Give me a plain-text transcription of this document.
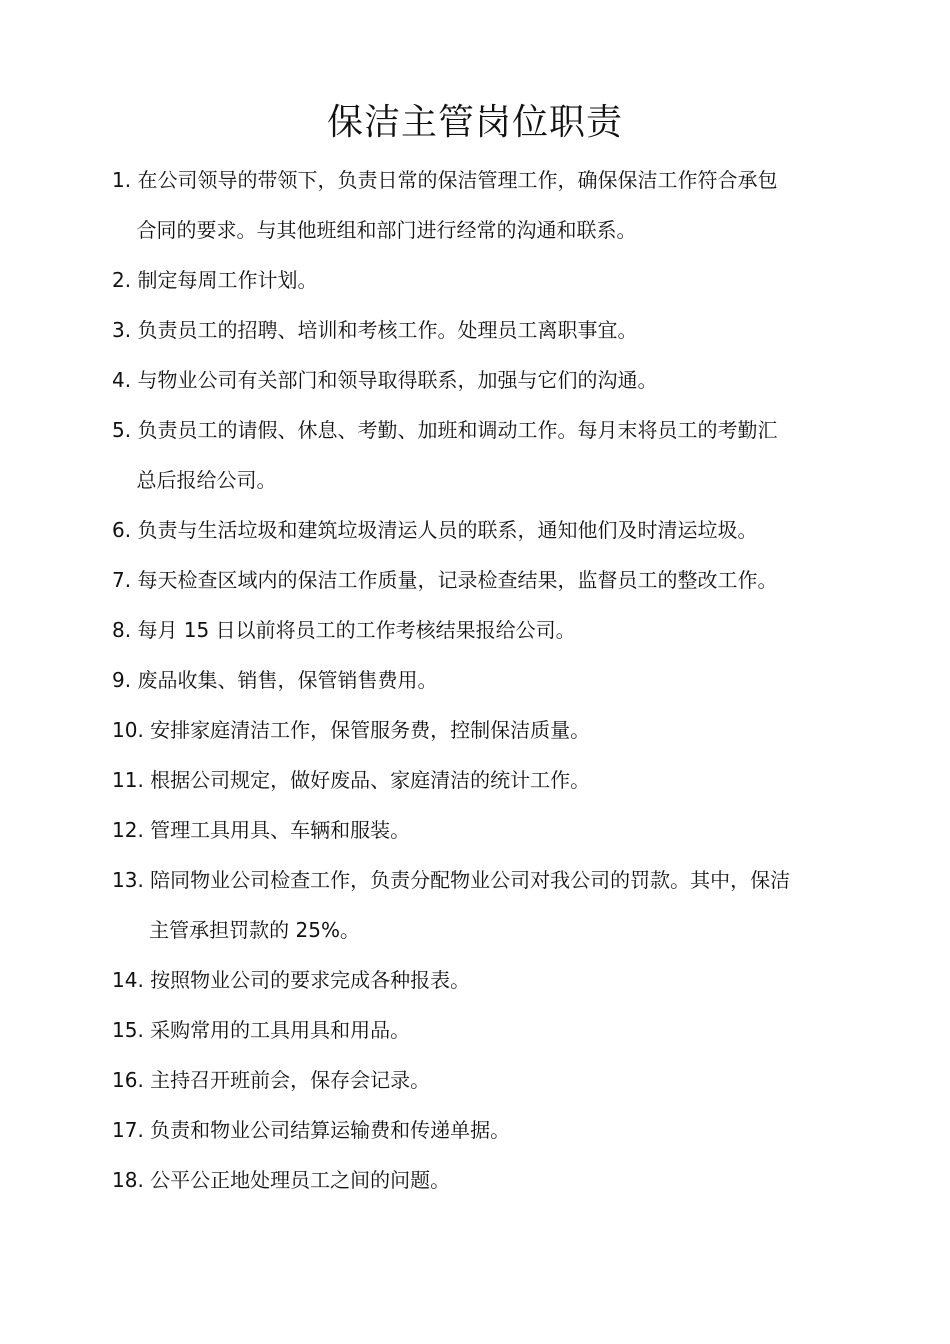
保洁主管岗位职责
1. 在公司领导的带领下，负责日常的保洁管理工作，确保保洁工作符合承包
合同的要求。与其他班组和部门进行经常的沟通和联系。
2. 制定每周工作计划。
3. 负责员工的招聘、培训和考核工作。处理员工离职事宜。
4. 与物业公司有关部门和领导取得联系，加强与它们的沟通。
5. 负责员工的请假、休息、考勤、加班和调动工作。每月末将员工的考勤汇
总后报给公司。
6. 负责与生活垃圾和建筑垃圾清运人员的联系，通知他们及时清运垃圾。
7. 每天检查区域内的保洁工作质量，记录检查结果，监督员工的整改工作。
8. 每月 15 日以前将员工的工作考核结果报给公司。
9. 废品收集、销售，保管销售费用。
10. 安排家庭清洁工作，保管服务费，控制保洁质量。
11. 根据公司规定，做好废品、家庭清洁的统计工作。
12. 管理工具用具、车辆和服装。
13. 陪同物业公司检查工作，负责分配物业公司对我公司的罚款。其中，保洁
主管承担罚款的 25%。
14. 按照物业公司的要求完成各种报表。
15. 采购常用的工具用具和用品。
16. 主持召开班前会，保存会记录。
17. 负责和物业公司结算运输费和传递单据。
18. 公平公正地处理员工之间的问题。
